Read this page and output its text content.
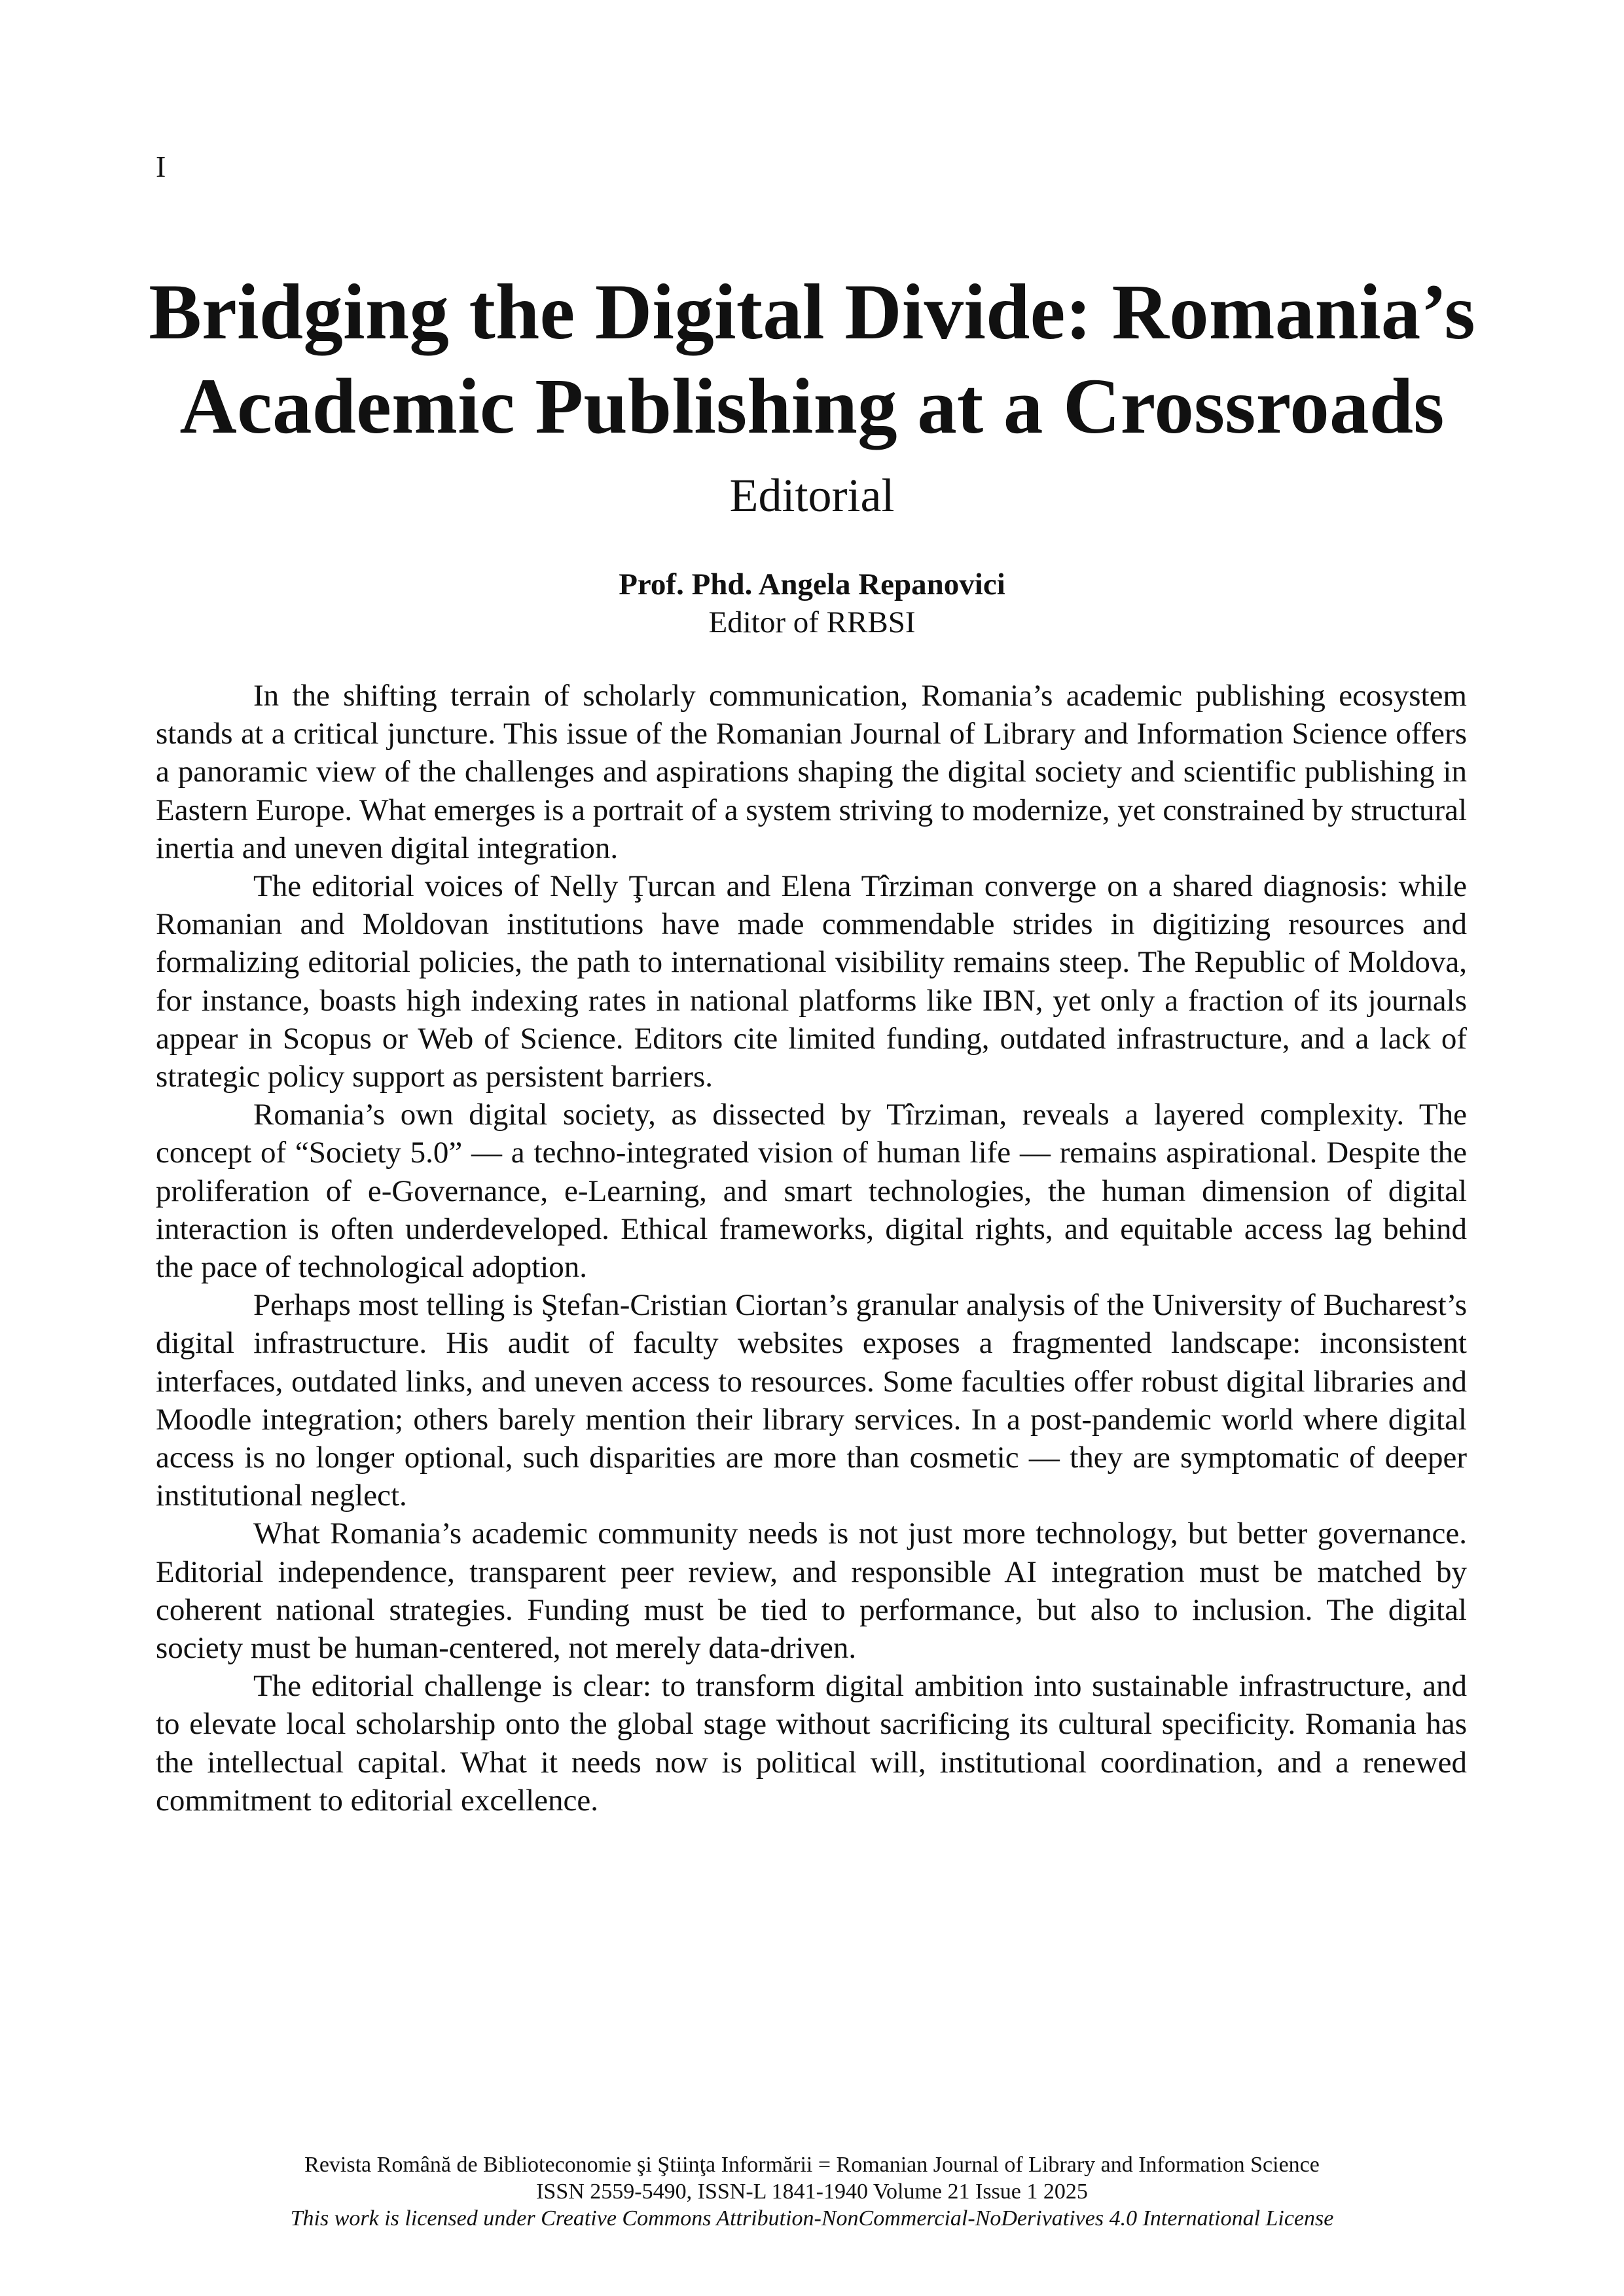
I
Bridging the Digital Divide: Romania’s
Academic Publishing at a Crossroads
Editorial
Prof. Phd. Angela Repanovici
Editor of RRBSI

In the shifting terrain of scholarly communication, Romania’s academic publishing ecosystem stands at a critical juncture. This issue of the Romanian Journal of Library and Information Science offers a panoramic view of the challenges and aspirations shaping the digital society and scientific publishing in Eastern Europe. What emerges is a portrait of a system striving to modernize, yet constrained by structural inertia and uneven digital integration.

The editorial voices of Nelly Ţurcan and Elena Tîrziman converge on a shared diagnosis: while Romanian and Moldovan institutions have made commendable strides in digitizing resources and formalizing editorial policies, the path to international visibility remains steep. The Republic of Moldova, for instance, boasts high indexing rates in national platforms like IBN, yet only a fraction of its journals appear in Scopus or Web of Science. Editors cite limited funding, outdated infrastructure, and a lack of strategic policy support as persistent barriers.

Romania’s own digital society, as dissected by Tîrziman, reveals a layered complexity. The concept of “Society 5.0” — a techno-integrated vision of human life — remains aspirational. Despite the proliferation of e-Governance, e-Learning, and smart technologies, the human dimension of digital interaction is often underdeveloped. Ethical frameworks, digital rights, and equitable access lag behind the pace of technological adoption.

Perhaps most telling is Ştefan-Cristian Ciortan’s granular analysis of the University of Bucharest’s digital infrastructure. His audit of faculty websites exposes a fragmented landscape: inconsistent interfaces, outdated links, and uneven access to resources. Some faculties offer robust digital libraries and Moodle integration; others barely mention their library services. In a post-pandemic world where digital access is no longer optional, such disparities are more than cosmetic — they are symptomatic of deeper institutional neglect.

What Romania’s academic community needs is not just more technology, but better governance. Editorial independence, transparent peer review, and responsible AI integration must be matched by coherent national strategies. Funding must be tied to performance, but also to inclusion. The digital society must be human-centered, not merely data-driven.

The editorial challenge is clear: to transform digital ambition into sustainable infrastructure, and to elevate local scholarship onto the global stage without sacrificing its cultural specificity. Romania has the intellectual capital. What it needs now is political will, institutional coordination, and a renewed commitment to editorial excellence.

Revista Română de Biblioteconomie şi Ştiinţa Informării = Romanian Journal of Library and Information Science
ISSN 2559-5490, ISSN-L 1841-1940 Volume 21 Issue 1 2025
This work is licensed under Creative Commons Attribution-NonCommercial-NoDerivatives 4.0 International License
